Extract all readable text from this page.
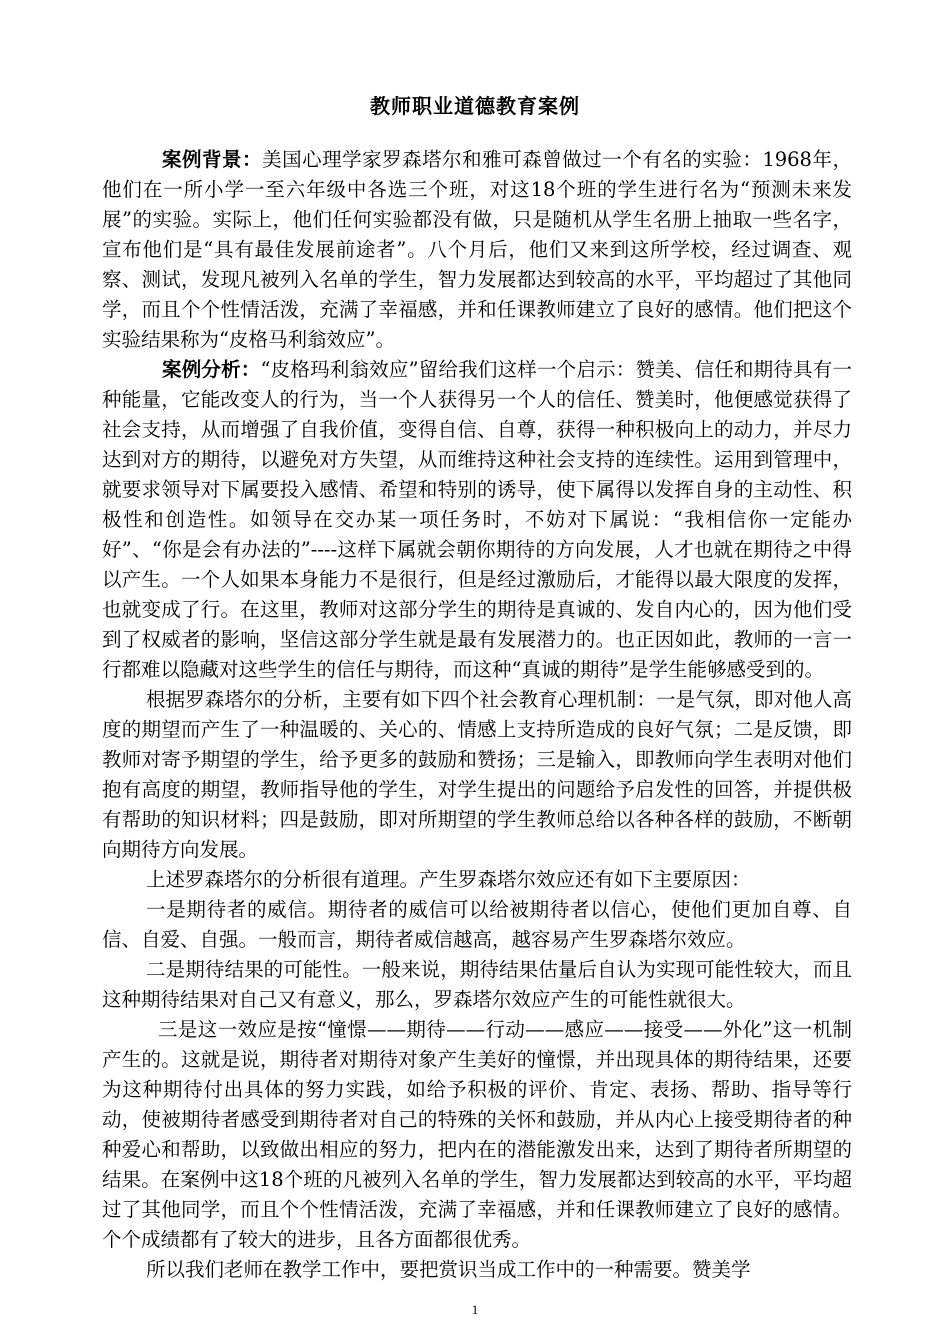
教师职业道德教育案例

案例背景：美国心理学家罗森塔尔和雅可森曾做过一个有名的实验：1968年，他们在一所小学一至六年级中各选三个班，对这18个班的学生进行名为“预测未来发展”的实验。实际上，他们任何实验都没有做，只是随机从学生名册上抽取一些名字，宣布他们是“具有最佳发展前途者”。八个月后，他们又来到这所学校，经过调查、观察、测试，发现凡被列入名单的学生，智力发展都达到较高的水平，平均超过了其他同学，而且个个性情活泼，充满了幸福感，并和任课教师建立了良好的感情。他们把这个实验结果称为“皮格马利翁效应”。

案例分析：“皮格玛利翁效应”留给我们这样一个启示：赞美、信任和期待具有一种能量，它能改变人的行为，当一个人获得另一个人的信任、赞美时，他便感觉获得了社会支持，从而增强了自我价值，变得自信、自尊，获得一种积极向上的动力，并尽力达到对方的期待，以避免对方失望，从而维持这种社会支持的连续性。运用到管理中，就要求领导对下属要投入感情、希望和特别的诱导，使下属得以发挥自身的主动性、积极性和创造性。如领导在交办某一项任务时，不妨对下属说：“我相信你一定能办好”、“你是会有办法的”----这样下属就会朝你期待的方向发展，人才也就在期待之中得以产生。一个人如果本身能力不是很行，但是经过激励后，才能得以最大限度的发挥，也就变成了行。在这里，教师对这部分学生的期待是真诚的、发自内心的，因为他们受到了权威者的影响，坚信这部分学生就是最有发展潜力的。也正因如此，教师的一言一行都难以隐藏对这些学生的信任与期待，而这种“真诚的期待”是学生能够感受到的。

根据罗森塔尔的分析，主要有如下四个社会教育心理机制：一是气氛，即对他人高度的期望而产生了一种温暖的、关心的、情感上支持所造成的良好气氛；二是反馈，即教师对寄予期望的学生，给予更多的鼓励和赞扬；三是输入，即教师向学生表明对他们抱有高度的期望，教师指导他的学生，对学生提出的问题给予启发性的回答，并提供极有帮助的知识材料；四是鼓励，即对所期望的学生教师总给以各种各样的鼓励，不断朝向期待方向发展。

上述罗森塔尔的分析很有道理。产生罗森塔尔效应还有如下主要原因：

一是期待者的威信。期待者的威信可以给被期待者以信心，使他们更加自尊、自信、自爱、自强。一般而言，期待者威信越高，越容易产生罗森塔尔效应。

二是期待结果的可能性。一般来说，期待结果估量后自认为实现可能性较大，而且这种期待结果对自己又有意义，那么，罗森塔尔效应产生的可能性就很大。

三是这一效应是按“憧憬——期待——行动——感应——接受——外化”这一机制产生的。这就是说，期待者对期待对象产生美好的憧憬，并出现具体的期待结果，还要为这种期待付出具体的努力实践，如给予积极的评价、肯定、表扬、帮助、指导等行动，使被期待者感受到期待者对自己的特殊的关怀和鼓励，并从内心上接受期待者的种种爱心和帮助，以致做出相应的努力，把内在的潜能激发出来，达到了期待者所期望的结果。在案例中这18个班的凡被列入名单的学生，智力发展都达到较高的水平，平均超过了其他同学，而且个个性情活泼，充满了幸福感，并和任课教师建立了良好的感情。个个成绩都有了较大的进步，且各方面都很优秀。

所以我们老师在教学工作中，要把赏识当成工作中的一种需要。赞美学

1
